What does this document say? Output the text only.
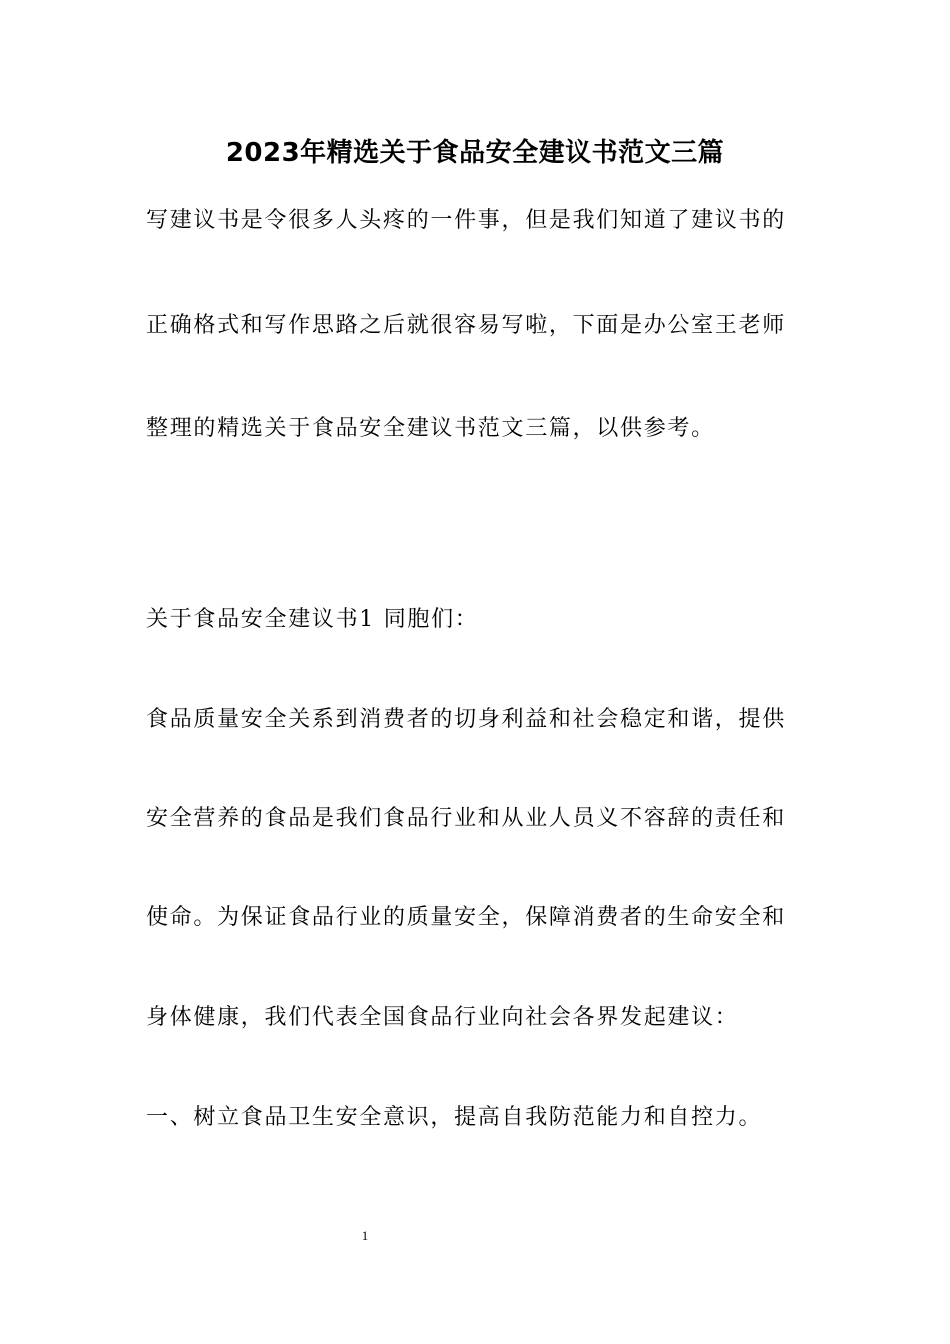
2023年精选关于食品安全建议书范文三篇
写建议书是令很多人头疼的一件事，但是我们知道了建议书的
正确格式和写作思路之后就很容易写啦，下面是办公室王老师
整理的精选关于食品安全建议书范文三篇，以供参考。
关于食品安全建议书1 同胞们：
食品质量安全关系到消费者的切身利益和社会稳定和谐，提供
安全营养的食品是我们食品行业和从业人员义不容辞的责任和
使命。为保证食品行业的质量安全，保障消费者的生命安全和
身体健康，我们代表全国食品行业向社会各界发起建议：
一、树立食品卫生安全意识，提高自我防范能力和自控力。
1
